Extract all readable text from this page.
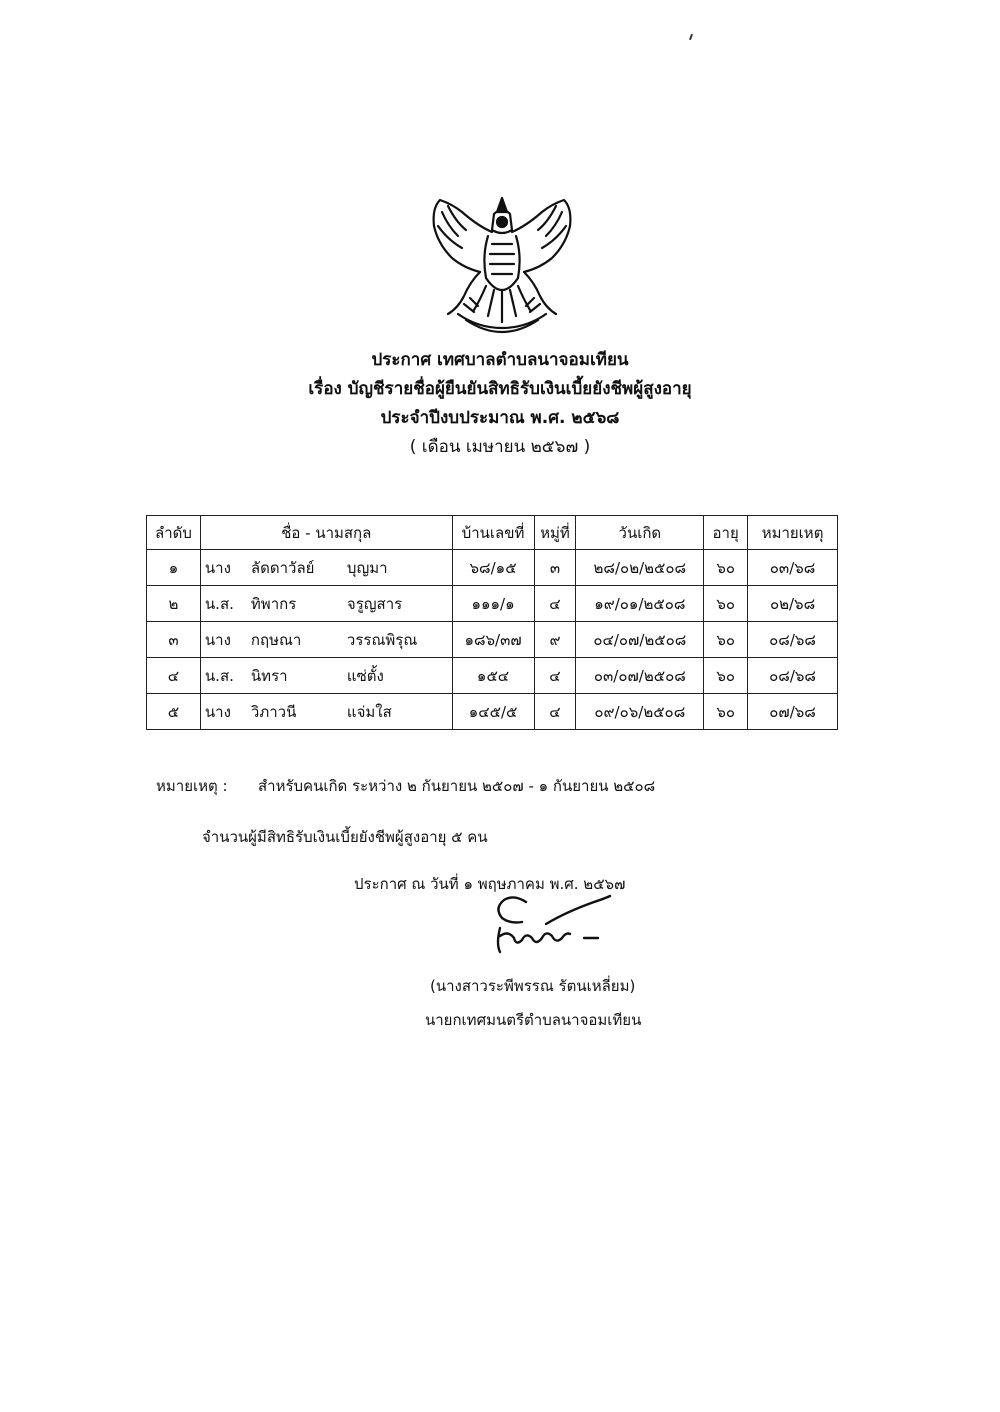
ประกาศ เทศบาลตำบลนาจอมเทียน
เรื่อง บัญชีรายชื่อผู้ยืนยันสิทธิรับเงินเบี้ยยังชีพผู้สูงอายุ
ประจำปีงบประมาณ พ.ศ. ๒๕๖๘
( เดือน เมษายน ๒๕๖๗ )
ลำดับ	ชื่อ - นามสกุล	บ้านเลขที่	หมู่ที่	วันเกิด	อายุ	หมายเหตุ
๑	นาง ลัดดาวัลย์ บุญมา	๖๘/๑๕	๓	๒๘/๐๒/๒๕๐๘	๖๐	๐๓/๖๘
๒	น.ส. ทิพากร จรูญสาร	๑๑๑/๑	๔	๑๙/๐๑/๒๕๐๘	๖๐	๐๒/๖๘
๓	นาง กฤษณา วรรณพิรุณ	๑๘๖/๓๗	๙	๐๔/๐๗/๒๕๐๘	๖๐	๐๘/๖๘
๔	น.ส. นิทรา แซ่ตั้ง	๑๕๔	๔	๐๓/๐๗/๒๕๐๘	๖๐	๐๘/๖๘
๕	นาง วิภาวนี แจ่มใส	๑๔๕/๕	๔	๐๙/๐๖/๒๕๐๘	๖๐	๐๗/๖๘
หมายเหตุ : สำหรับคนเกิด ระหว่าง ๒ กันยายน ๒๕๐๗ - ๑ กันยายน ๒๕๐๘
จำนวนผู้มีสิทธิรับเงินเบี้ยยังชีพผู้สูงอายุ ๕ คน
ประกาศ ณ วันที่ ๑ พฤษภาคม พ.ศ. ๒๕๖๗
(นางสาวระพีพรรณ รัตนเหลี่ยม)
นายกเทศมนตรีตำบลนาจอมเทียน
